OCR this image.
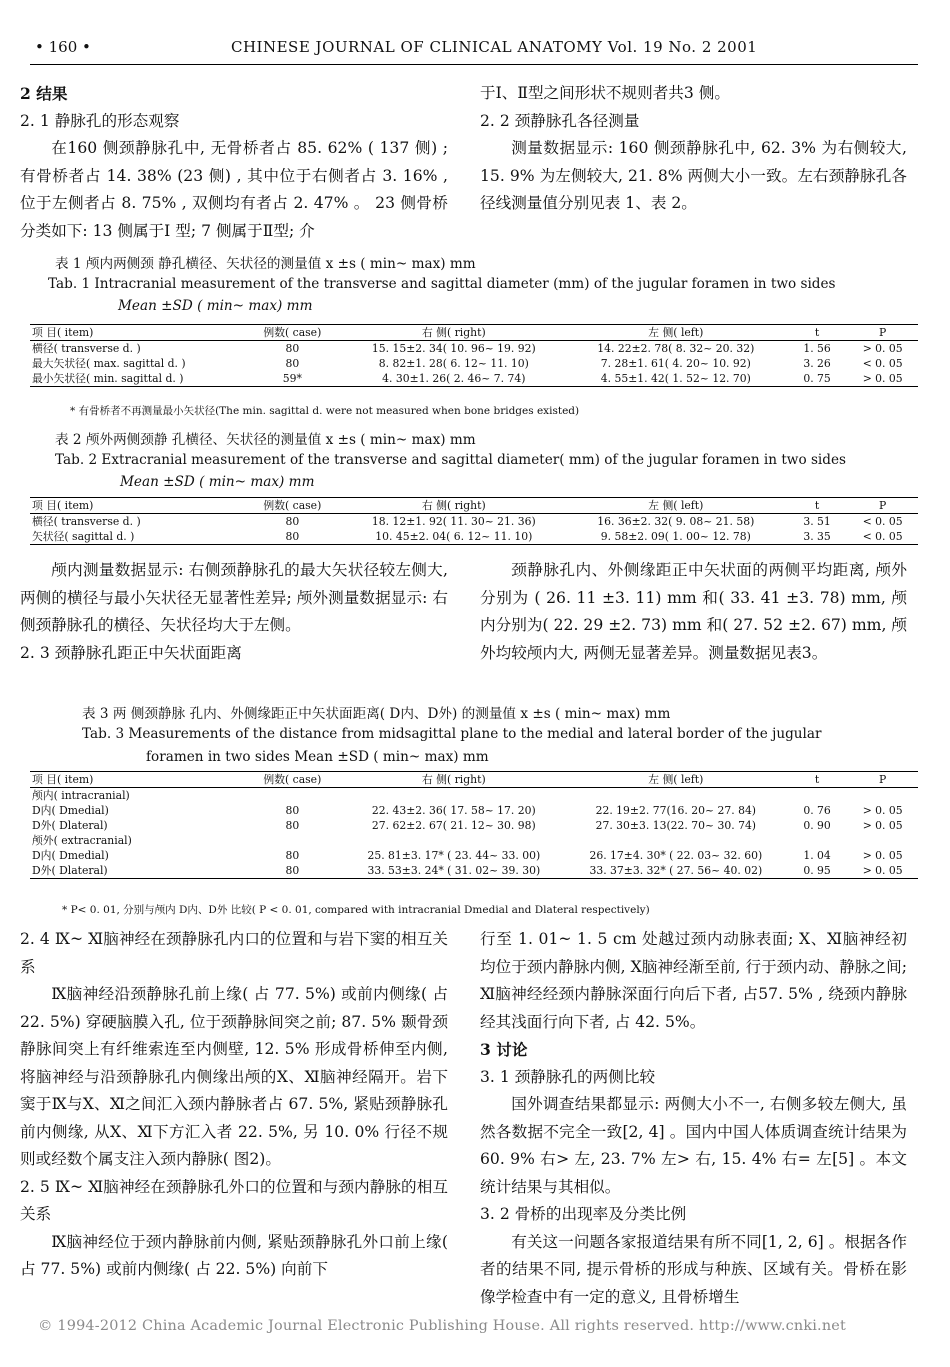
• 160 •	CHINESE JOURNAL OF CLINICAL ANATOMY Vol. 19 No. 2 2001

2 结果

2. 1 静脉孔的形态观察

在160 侧颈静脉孔中, 无骨桥者占 85. 62% ( 137 侧) ; 有骨桥者占 14. 38% (23 侧) , 其中位于右侧者占 3. 16% , 位于左侧者占 8. 75% , 双侧均有者占 2. 47% 。 23 侧骨桥分类如下: 13 侧属于Ⅰ 型; 7 侧属于Ⅱ型; 介

于Ⅰ、Ⅱ型之间形状不规则者共3 侧。

2. 2 颈静脉孔各径测量

测量数据显示: 160 侧颈静脉孔中, 62. 3% 为右侧较大, 15. 9% 为左侧较大, 21. 8% 两侧大小一致。左右颈静脉孔各径线测量值分别见表 1、表 2。

表 1 颅内两侧颈 静孔横径、矢状径的测量值 x ±s ( min~ max) mm
Tab. 1 Intracranial measurement of the transverse and sagittal diameter (mm) of the jugular foramen in two sides
Mean ±SD ( min~ max) mm
项 目( item)	例数( case)	右 侧( right)	左 侧( left)	t	P
横径( transverse d. )	80	15. 15±2. 34( 10. 96~ 19. 92)	14. 22±2. 78( 8. 32~ 20. 32)	1. 56	> 0. 05
最大矢状径( max. sagittal d. )	80	8. 82±1. 28( 6. 12~ 11. 10)	7. 28±1. 61( 4. 20~ 10. 92)	3. 26	< 0. 05
最小矢状径( min. sagittal d. )	59*	4. 30±1. 26( 2. 46~ 7. 74)	4. 55±1. 42( 1. 52~ 12. 70)	0. 75	> 0. 05
* 有骨桥者不再测量最小矢状径(The min. sagittal d. were not measured when bone bridges existed)
表 2 颅外两侧颈静 孔横径、矢状径的测量值 x ±s ( min~ max) mm
Tab. 2 Extracranial measurement of the transverse and sagittal diameter( mm) of the jugular foramen in two sides
Mean ±SD ( min~ max) mm
项 目( item)	例数( case)	右 侧( right)	左 侧( left)	t	P
横径( transverse d. )	80	18. 12±1. 92( 11. 30~ 21. 36)	16. 36±2. 32( 9. 08~ 21. 58)	3. 51	< 0. 05
矢状径( sagittal d. )	80	10. 45±2. 04( 6. 12~ 11. 10)	9. 58±2. 09( 1. 00~ 12. 78)	3. 35	< 0. 05

颅内测量数据显示: 右侧颈静脉孔的最大矢状径较左侧大, 两侧的横径与最小矢状径无显著性差异; 颅外测量数据显示: 右侧颈静脉孔的横径、矢状径均大于左侧。

2. 3 颈静脉孔距正中矢状面距离

颈静脉孔内、外侧缘距正中矢状面的两侧平均距离, 颅外分别为 ( 26. 11 ±3. 11) mm 和( 33. 41 ±3. 78) mm, 颅内分别为( 22. 29 ±2. 73) mm 和( 27. 52 ±2. 67) mm, 颅外均较颅内大, 两侧无显著差异。测量数据见表3。

表 3 两 侧颈静脉 孔内、外侧缘距正中矢状面距离( D内、D外) 的测量值 x ±s ( min~ max) mm
Tab. 3 Measurements of the distance from midsagittal plane to the medial and lateral border of the jugular
foramen in two sides Mean ±SD ( min~ max) mm
项 目( item)	例数( case)	右 侧( right)	左 侧( left)	t	P
颅内( intracranial)					
D内( Dmedial)	80	22. 43±2. 36( 17. 58~ 17. 20)	22. 19±2. 77(16. 20~ 27. 84)	0. 76	> 0. 05
D外( Dlateral)	80	27. 62±2. 67( 21. 12~ 30. 98)	27. 30±3. 13(22. 70~ 30. 74)	0. 90	> 0. 05
颅外( extracranial)					
D内( Dmedial)	80	25. 81±3. 17* ( 23. 44~ 33. 00)	26. 17±4. 30* ( 22. 03~ 32. 60)	1. 04	> 0. 05
D外( Dlateral)	80	33. 53±3. 24* ( 31. 02~ 39. 30)	33. 37±3. 32* ( 27. 56~ 40. 02)	0. 95	> 0. 05
* P< 0. 01, 分别与颅内 D内、D外 比较( P < 0. 01, compared with intracranial Dmedial and Dlateral respectively)

2. 4 Ⅸ~ Ⅺ脑神经在颈静脉孔内口的位置和与岩下窦的相互关系

Ⅸ脑神经沿颈静脉孔前上缘( 占 77. 5%) 或前内侧缘( 占 22. 5%) 穿硬脑膜入孔, 位于颈静脉间突之前; 87. 5% 颞骨颈静脉间突上有纤维索连至内侧壁, 12. 5% 形成骨桥伸至内侧, 将脑神经与沿颈静脉孔内侧缘出颅的Ⅹ、Ⅺ脑神经隔开。岩下窦于Ⅸ与Ⅹ、Ⅺ之间汇入颈内静脉者占 67. 5%, 紧贴颈静脉孔前内侧缘, 从Ⅹ、Ⅺ下方汇入者 22. 5%, 另 10. 0% 行径不规则或经数个属支注入颈内静脉( 图2)。

2. 5 Ⅸ~ Ⅺ脑神经在颈静脉孔外口的位置和与颈内静脉的相互关系

Ⅸ脑神经位于颈内静脉前内侧, 紧贴颈静脉孔外口前上缘( 占 77. 5%) 或前内侧缘( 占 22. 5%) 向前下

行至 1. 01~ 1. 5 cm 处越过颈内动脉表面; Ⅹ、Ⅺ脑神经初均位于颈内静脉内侧, Ⅹ脑神经渐至前, 行于颈内动、静脉之间; Ⅺ脑神经经颈内静脉深面行向后下者, 占57. 5% , 绕颈内静脉经其浅面行向下者, 占 42. 5%。

3 讨论

3. 1 颈静脉孔的两侧比较

国外调查结果都显示: 两侧大小不一, 右侧多较左侧大, 虽然各数据不完全一致[2, 4] 。国内中国人体质调查统计结果为 60. 9% 右> 左, 23. 7% 左> 右, 15. 4% 右= 左[5] 。本文统计结果与其相似。

3. 2 骨桥的出现率及分类比例

有关这一问题各家报道结果有所不同[1, 2, 6] 。根据各作者的结果不同, 提示骨桥的形成与种族、区域有关。骨桥在影像学检查中有一定的意义, 且骨桥增生

© 1994-2012 China Academic Journal Electronic Publishing House. All rights reserved. http://www.cnki.net
